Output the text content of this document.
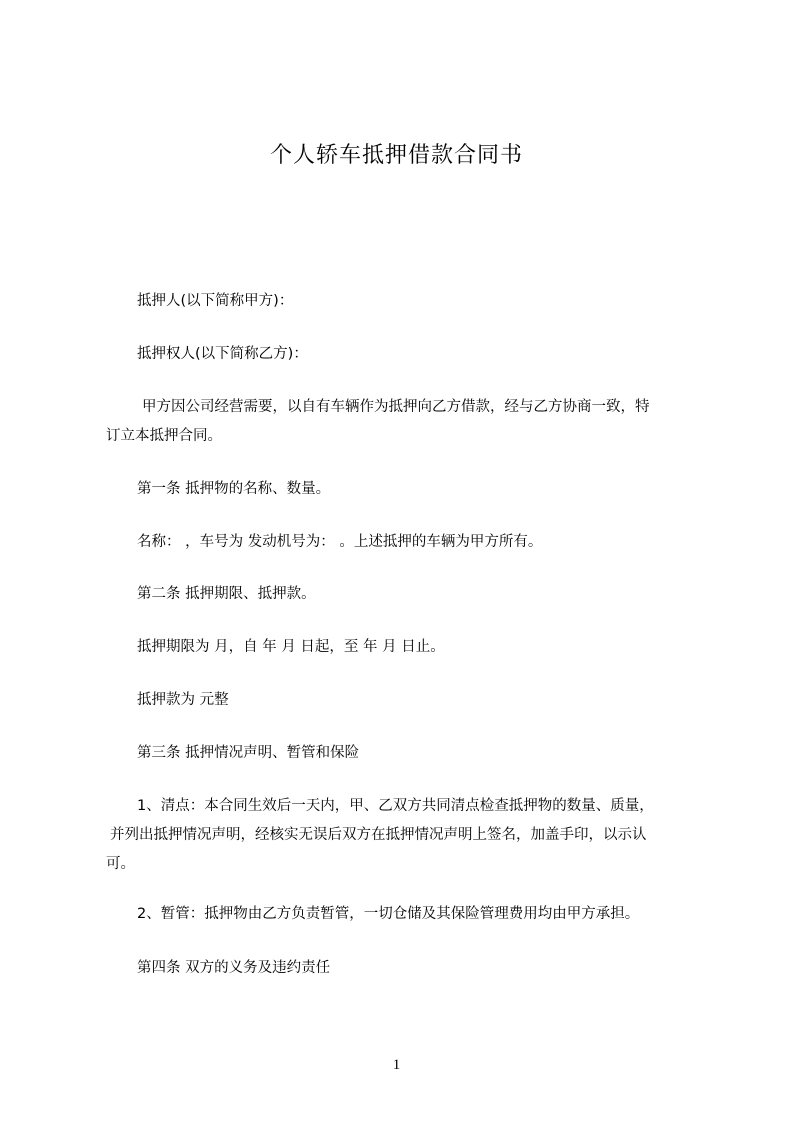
个人轿车抵押借款合同书
抵押人(以下简称甲方)：
抵押权人(以下简称乙方)：
甲方因公司经营需要，以自有车辆作为抵押向乙方借款，经与乙方协商一致，特
订立本抵押合同。
第一条 抵押物的名称、数量。
名称： ，车号为 发动机号为： 。上述抵押的车辆为甲方所有。
第二条 抵押期限、抵押款。
抵押期限为 月，自 年 月 日起，至 年 月 日止。
抵押款为 元整
第三条 抵押情况声明、暂管和保险
1、清点：本合同生效后一天内，甲、乙双方共同清点检查抵押物的数量、质量，
并列出抵押情况声明，经核实无误后双方在抵押情况声明上签名，加盖手印，以示认
可。
2、暂管：抵押物由乙方负责暂管，一切仓储及其保险管理费用均由甲方承担。
第四条 双方的义务及违约责任
1
